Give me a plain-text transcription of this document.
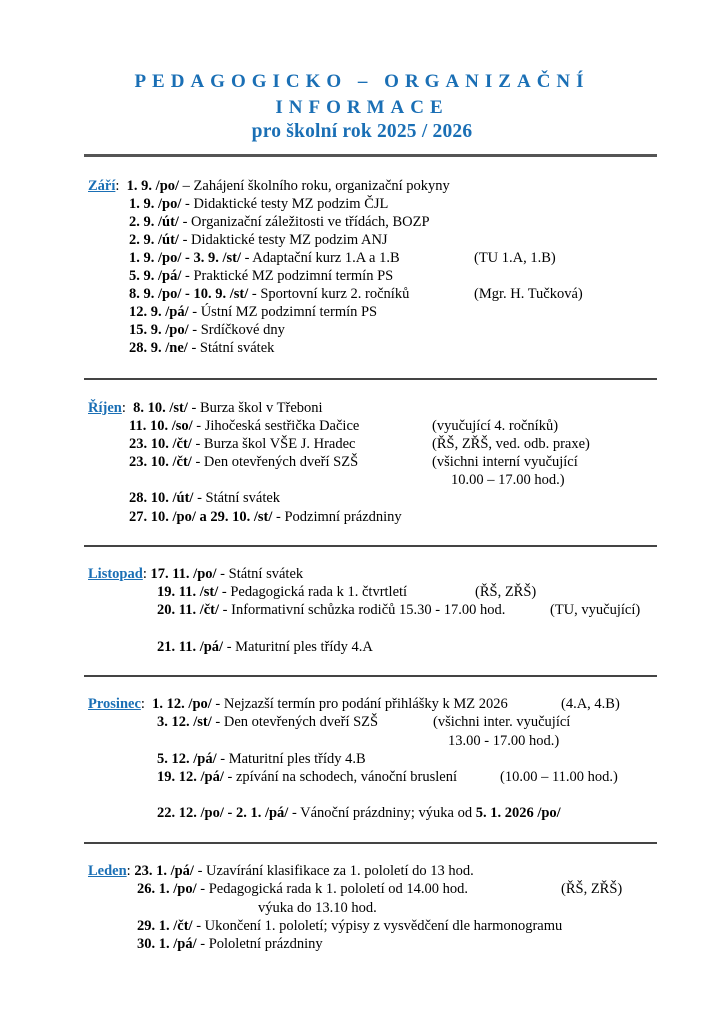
PEDAGOGICKO – ORGANIZAČNÍ
INFORMACE
pro školní rok 2025 / 2026
Září:  1. 9. /po/ – Zahájení školního roku, organizační pokyny
1. 9. /po/ - Didaktické testy MZ podzim ČJL
2. 9. /út/ - Organizační záležitosti ve třídách, BOZP
2. 9. /út/ - Didaktické testy MZ podzim ANJ
1. 9. /po/ - 3. 9. /st/ - Adaptační kurz 1.A a 1.B	(TU 1.A, 1.B)
5. 9. /pá/ - Praktické MZ podzimní termín PS
8. 9. /po/ - 10. 9. /st/ - Sportovní kurz 2. ročníků	(Mgr. H. Tučková)
12. 9. /pá/ - Ústní MZ podzimní termín PS
15. 9. /po/ - Srdíčkové dny
28. 9. /ne/ - Státní svátek
Říjen:  8. 10. /st/ - Burza škol v Třeboni
11. 10. /so/ - Jihočeská sestřička Dačice	(vyučující 4. ročníků)
23. 10. /čt/ - Burza škol VŠE J. Hradec	(ŘŠ, ZŘŠ, ved. odb. praxe)
23. 10. /čt/ - Den otevřených dveří SZŠ	(všichni interní vyučující
10.00 – 17.00 hod.)
28. 10. /út/ - Státní svátek
27. 10. /po/ a 29. 10. /st/ - Podzimní prázdniny
Listopad: 17. 11. /po/ - Státní svátek
19. 11. /st/ - Pedagogická rada k 1. čtvrtletí	(ŘŠ, ZŘŠ)
20. 11. /čt/ - Informativní schůzka rodičů 15.30 - 17.00 hod.	(TU, vyučující)
21. 11. /pá/ - Maturitní ples třídy 4.A
Prosinec:  1. 12. /po/ - Nejzazší termín pro podání přihlášky k MZ 2026	(4.A, 4.B)
3. 12. /st/ - Den otevřených dveří SZŠ	(všichni inter. vyučující
13.00 - 17.00 hod.)
5. 12. /pá/ - Maturitní ples třídy 4.B
19. 12. /pá/ - zpívání na schodech, vánoční bruslení	(10.00 – 11.00 hod.)
22. 12. /po/ - 2. 1. /pá/ - Vánoční prázdniny; výuka od 5. 1. 2026 /po/
Leden: 23. 1. /pá/ - Uzavírání klasifikace za 1. pololetí do 13 hod.
26. 1. /po/ - Pedagogická rada k 1. pololetí od 14.00 hod.	(ŘŠ, ZŘŠ)
výuka do 13.10 hod.
29. 1. /čt/ - Ukončení 1. pololetí; výpisy z vysvědčení dle harmonogramu
30. 1. /pá/ - Pololetní prázdniny
